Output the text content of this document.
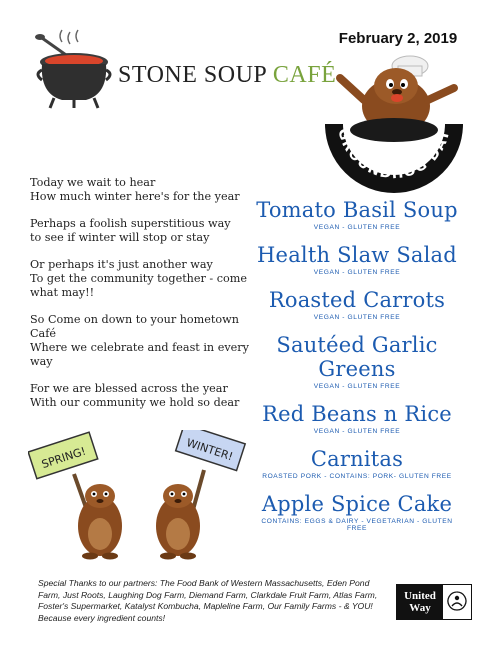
February 2, 2019
STONE SOUP CAFÉ
GROUNDHOG DAY
Today we wait to hear
How much winter here's for the year
Perhaps a foolish superstitious way
to see if winter will stop or stay
Or perhaps it's just another way
To get the community together - come what may!!
So Come on down to your hometown Café
Where we celebrate and feast in every way
For we are blessed across the year
With our community we hold so dear
Tomato Basil Soup
VEGAN - GLUTEN FREE
Health Slaw Salad
VEGAN - GLUTEN FREE
Roasted Carrots
VEGAN - GLUTEN FREE
Sautéed Garlic Greens
VEGAN - GLUTEN FREE
Red Beans n Rice
VEGAN - GLUTEN FREE
Carnitas
ROASTED PORK - CONTAINS: PORK- GLUTEN FREE
Apple Spice Cake
CONTAINS: EGGS & DAIRY - VEGETARIAN - GLUTEN FREE
SPRING!	WINTER!
Special Thanks to our partners: The Food Bank of Western Massachusetts, Eden Pond Farm, Just Roots, Laughing Dog Farm, Diemand Farm, Clarkdale Fruit Farm, Atlas Farm, Foster's Supermarket, Katalyst Kombucha, Mapleline Farm, Our Family Farms - & YOU! Because every ingredient counts!
United
Way
